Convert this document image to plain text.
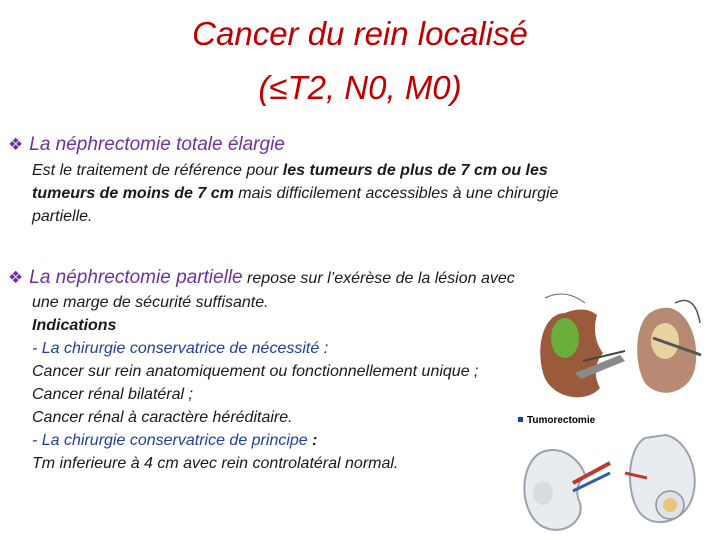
Cancer du rein localisé
(≤T2, N0, M0)
❖ La néphrectomie totale élargie
Est le traitement de référence pour les tumeurs de plus de 7 cm ou les tumeurs de moins de 7 cm mais difficilement accessibles à une chirurgie partielle.
❖ La néphrectomie partielle repose sur l’exérèse de la lésion avec
une marge de sécurité suffisante.
Indications
- La chirurgie conservatrice de nécessité :
Cancer sur rein anatomiquement ou fonctionnellement unique ;
Cancer rénal bilatéral ;
Cancer rénal à caractère héréditaire.
- La chirurgie conservatrice de principe :
Tm inferieure à 4 cm avec rein controlatéral normal.
Tumorectomie
